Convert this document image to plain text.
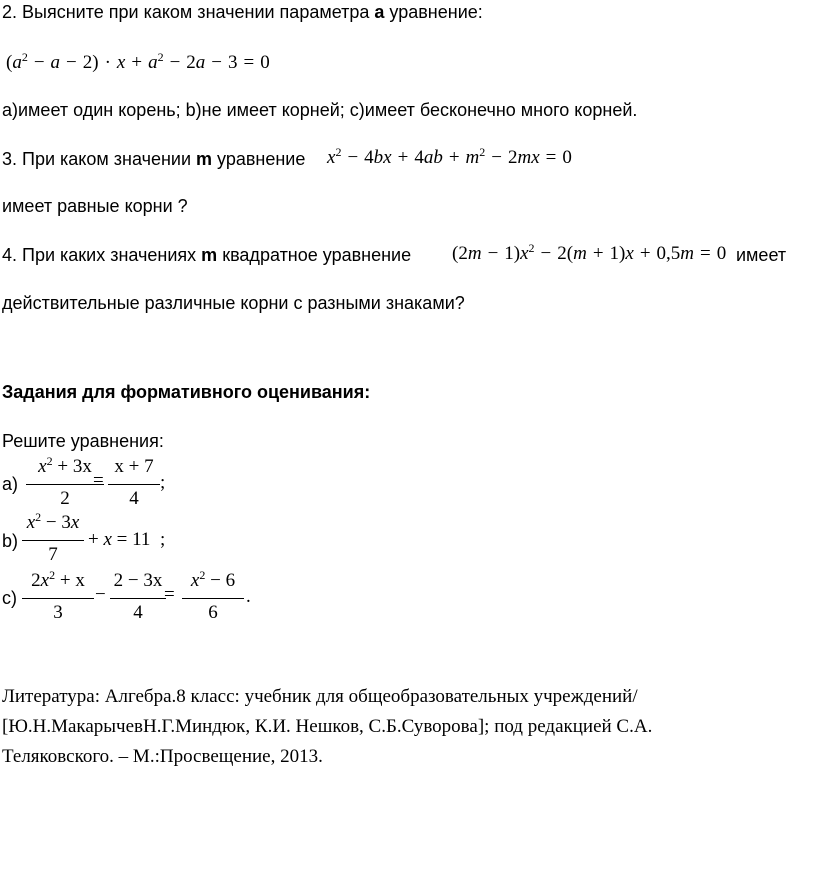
2. Выясните при каком значении параметра a уравнение:
$(a^2 - a - 2) \cdot x + a^2 - 2a - 3 = 0$
a)имеет один корень; b)не имеет корней; c)имеет бесконечно много корней.
3. При каком значении m уравнение $x^2 - 4bx + 4ab + m^2 - 2mx = 0$
имеет равные корни ?
4. При каких значениях m квадратное уравнение $(2m - 1)x^2 - 2(m + 1)x + 0,5m = 0$ имеет
действительные различные корни с разными знаками?
Задания для формативного оценивания:
Решите уравнения:
a)
$x^2 + 3x$
2
=
x + 7
4
;
b)
$x^2 - 3x$
7
+ x = 11 ;
c)
$2x^2 + x$
3
−
2 − 3x
4
=
$x^2 - 6$
6
.
Литература: Алгебра.8 класс: учебник для общеобразовательных учреждений/
[Ю.Н.МакарычевН.Г.Миндюк, К.И. Нешков, С.Б.Суворова]; под редакцией С.А.
Теляковского. – М.:Просвещение, 2013.
